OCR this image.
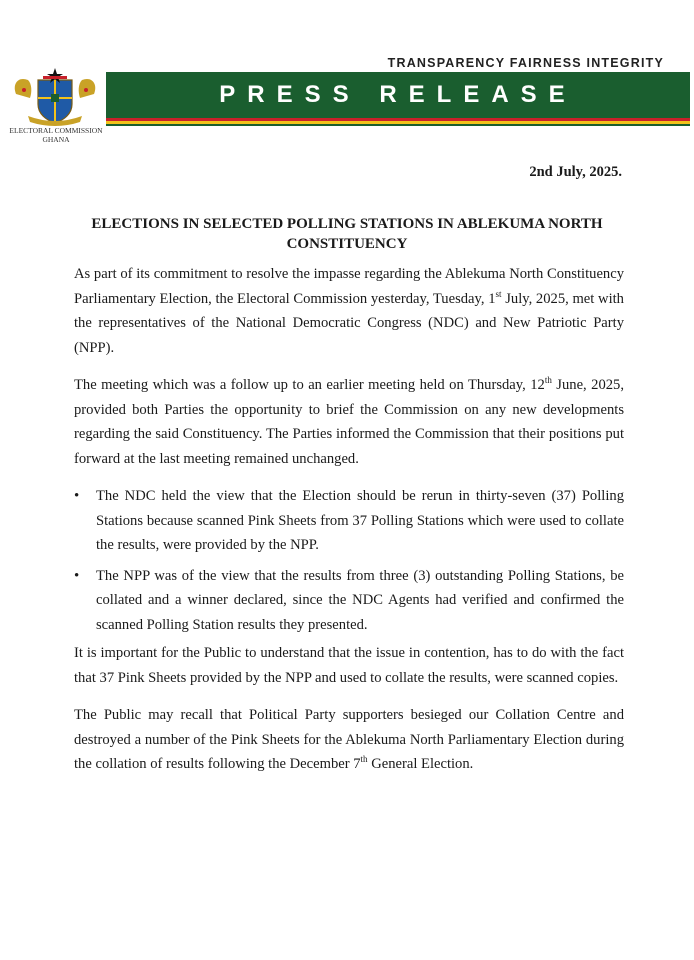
TRANSPARENCY FAIRNESS INTEGRITY
ELECTORAL COMMISSION
GHANA
PRESS RELEASE
2nd July, 2025.
ELECTIONS IN SELECTED POLLING STATIONS IN ABLEKUMA NORTH CONSTITUENCY

As part of its commitment to resolve the impasse regarding the Ablekuma North Constituency Parliamentary Election, the Electoral Commission yesterday, Tuesday, 1st July, 2025, met with the representatives of the National Democratic Congress (NDC) and New Patriotic Party (NPP).

The meeting which was a follow up to an earlier meeting held on Thursday, 12th June, 2025, provided both Parties the opportunity to brief the Commission on any new developments regarding the said Constituency. The Parties informed the Commission that their positions put forward at the last meeting remained unchanged.

• The NDC held the view that the Election should be rerun in thirty-seven (37) Polling Stations because scanned Pink Sheets from 37 Polling Stations which were used to collate the results, were provided by the NPP.
• The NPP was of the view that the results from three (3) outstanding Polling Stations, be collated and a winner declared, since the NDC Agents had verified and confirmed the scanned Polling Station results they presented.

It is important for the Public to understand that the issue in contention, has to do with the fact that 37 Pink Sheets provided by the NPP and used to collate the results, were scanned copies.

The Public may recall that Political Party supporters besieged our Collation Centre and destroyed a number of the Pink Sheets for the Ablekuma North Parliamentary Election during the collation of results following the December 7th General Election.
